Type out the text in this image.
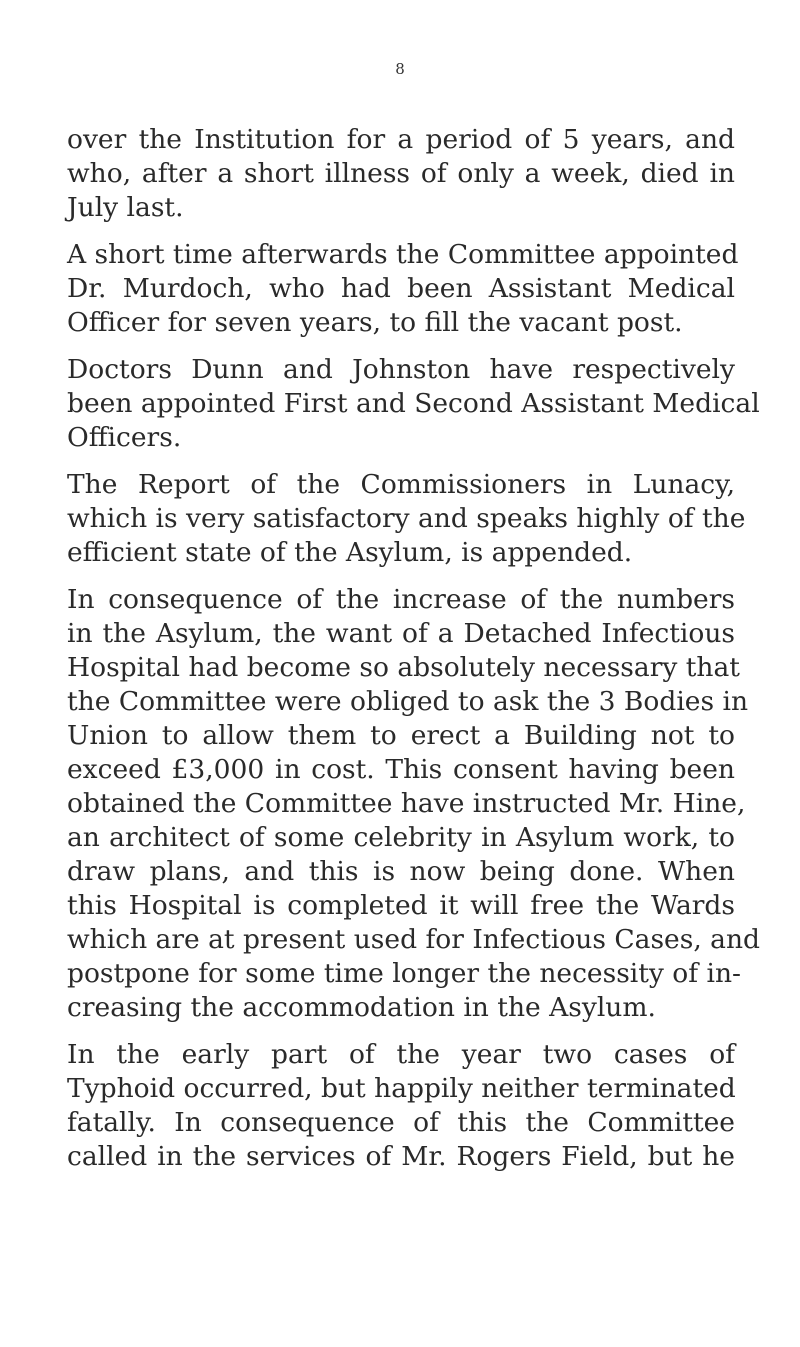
8

over the Institution for a period of 5 years, and
who, after a short illness of only a week, died in
July last.

A short time afterwards the Committee appointed
Dr. Murdoch, who had been Assistant Medical
Officer for seven years, to fill the vacant post.

Doctors Dunn and Johnston have respectively
been appointed First and Second Assistant Medical
Officers.

The Report of the Commissioners in Lunacy,
which is very satisfactory and speaks highly of the
efficient state of the Asylum, is appended.

In consequence of the increase of the numbers
in the Asylum, the want of a Detached Infectious
Hospital had become so absolutely necessary that
the Committee were obliged to ask the 3 Bodies in
Union to allow them to erect a Building not to
exceed £3,000 in cost. This consent having been
obtained the Committee have instructed Mr. Hine,
an architect of some celebrity in Asylum work, to
draw plans, and this is now being done. When
this Hospital is completed it will free the Wards
which are at present used for Infectious Cases, and
postpone for some time longer the necessity of in-
creasing the accommodation in the Asylum.

In the early part of the year two cases of
Typhoid occurred, but happily neither terminated
fatally. In consequence of this the Committee
called in the services of Mr. Rogers Field, but he
